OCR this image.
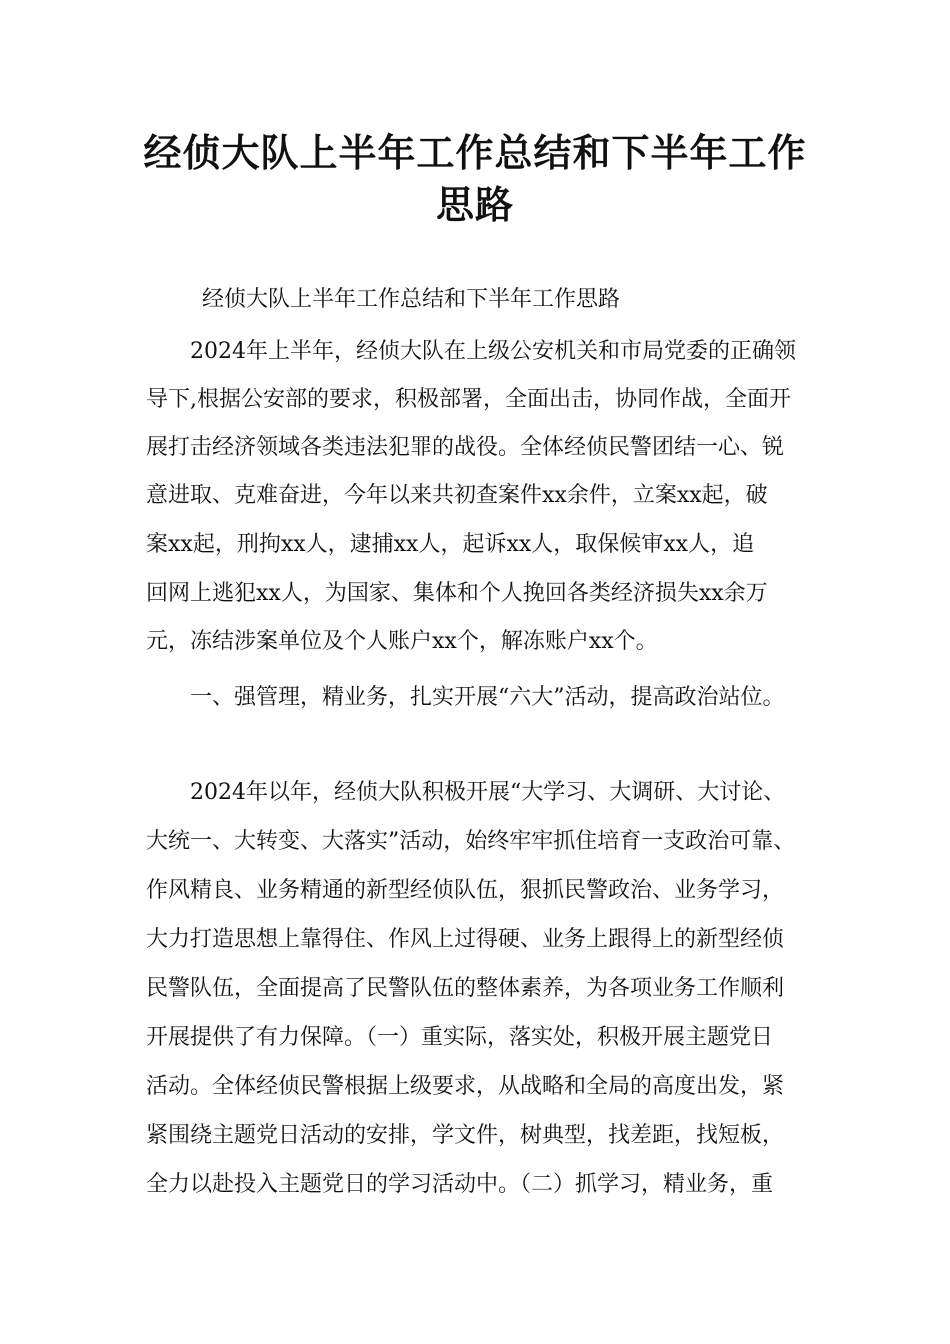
经侦大队上半年工作总结和下半年工作
思路
经侦大队上半年工作总结和下半年工作思路
2024年上半年，经侦大队在上级公安机关和市局党委的正确领
导下,根据公安部的要求，积极部署，全面出击，协同作战，全面开
展打击经济领域各类违法犯罪的战役。全体经侦民警团结一心、锐
意进取、克难奋进，今年以来共初查案件xx余件，立案xx起，破
案xx起，刑拘xx人，逮捕xx人，起诉xx人，取保候审xx人，追
回网上逃犯xx人，为国家、集体和个人挽回各类经济损失xx余万
元，冻结涉案单位及个人账户xx个，解冻账户xx个。
一、强管理，精业务，扎实开展“六大”活动，提高政治站位。
2024年以年，经侦大队积极开展“大学习、大调研、大讨论、
大统一、大转变、大落实”活动，始终牢牢抓住培育一支政治可靠、
作风精良、业务精通的新型经侦队伍，狠抓民警政治、业务学习，
大力打造思想上靠得住、作风上过得硬、业务上跟得上的新型经侦
民警队伍，全面提高了民警队伍的整体素养，为各项业务工作顺利
开展提供了有力保障。（一）重实际，落实处，积极开展主题党日
活动。全体经侦民警根据上级要求，从战略和全局的高度出发，紧
紧围绕主题党日活动的安排，学文件，树典型，找差距，找短板，
全力以赴投入主题党日的学习活动中。（二）抓学习，精业务，重
